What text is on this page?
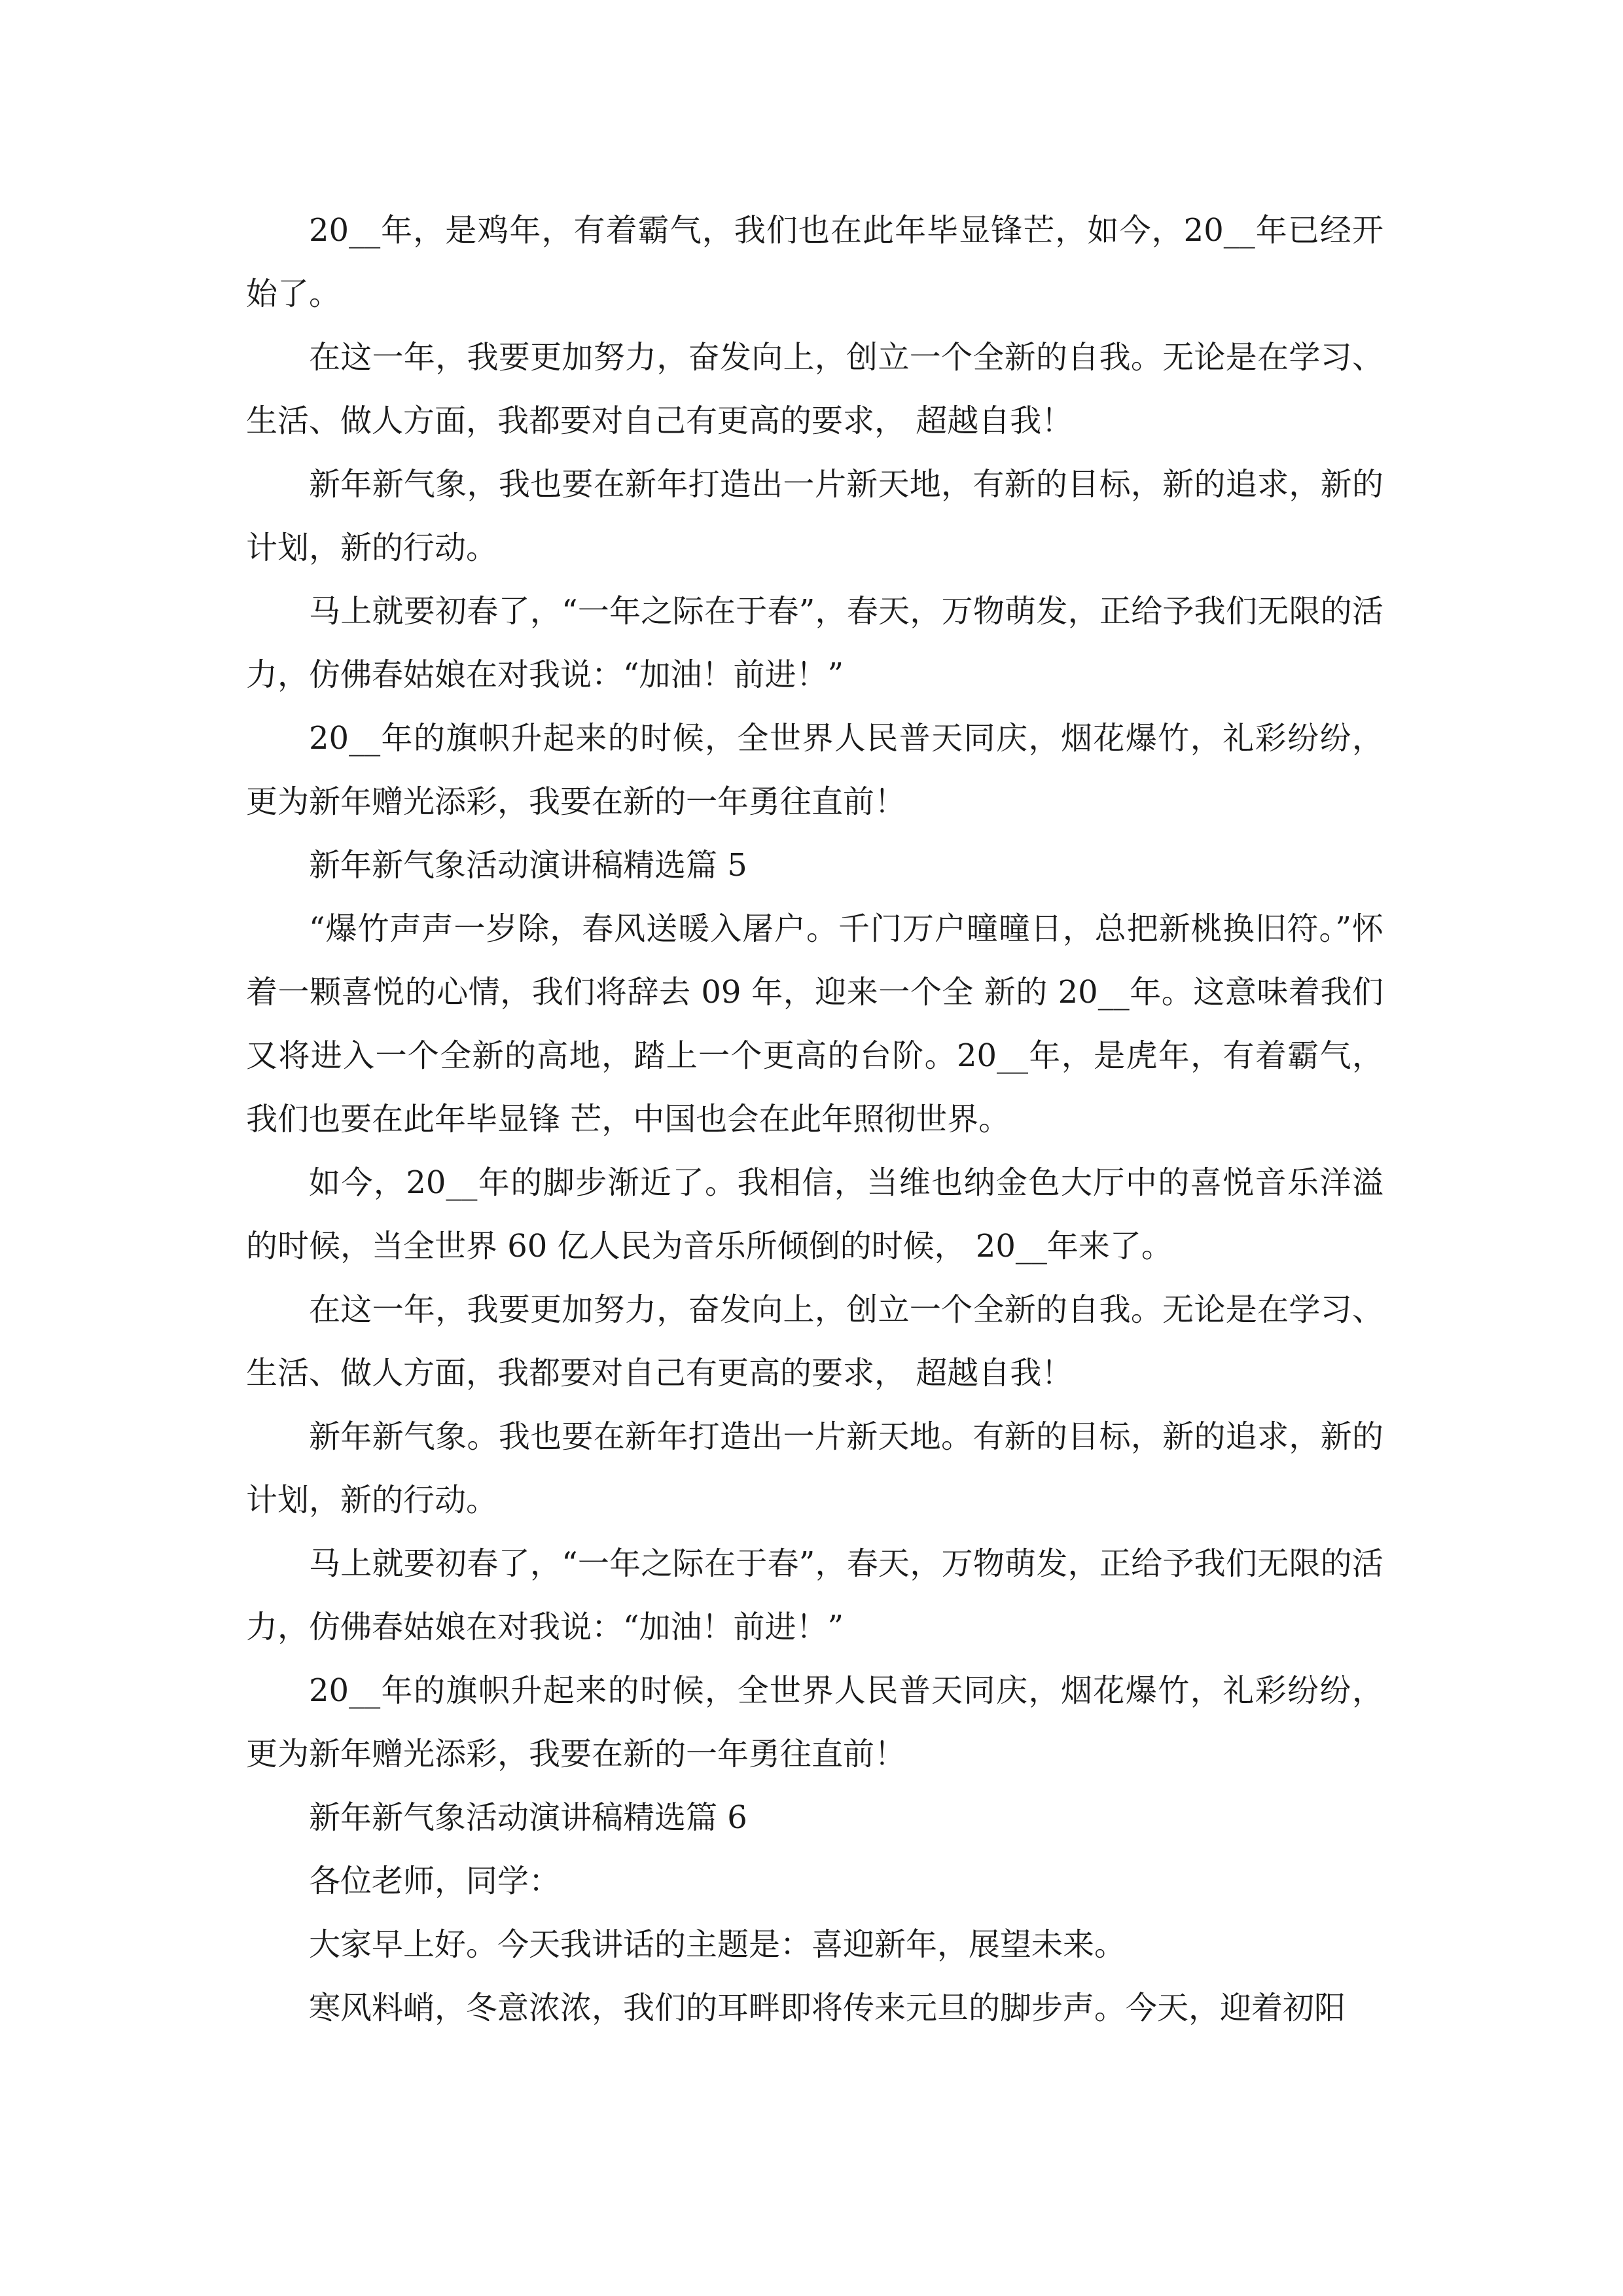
20__年，是鸡年，有着霸气，我们也在此年毕显锋芒，如今，20__年已经开始了。

在这一年，我要更加努力，奋发向上，创立一个全新的自我。无论是在学习、生活、做人方面，我都要对自己有更高的要求， 超越自我！

新年新气象，我也要在新年打造出一片新天地，有新的目标，新的追求，新的计划，新的行动。

马上就要初春了，“一年之际在于春”，春天，万物萌发，正给予我们无限的活力，仿佛春姑娘在对我说：“加油！前进！”

20__年的旗帜升起来的时候，全世界人民普天同庆，烟花爆竹，礼彩纷纷，更为新年赠光添彩，我要在新的一年勇往直前！

新年新气象活动演讲稿精选篇 5

“爆竹声声一岁除，春风送暖入屠户。千门万户曈曈日，总把新桃换旧符。”怀着一颗喜悦的心情，我们将辞去 09 年，迎来一个全 新的 20__年。这意味着我们又将进入一个全新的高地，踏上一个更高的台阶。20__年，是虎年，有着霸气，我们也要在此年毕显锋 芒，中国也会在此年照彻世界。

如今，20__年的脚步渐近了。我相信，当维也纳金色大厅中的喜悦音乐洋溢的时候，当全世界 60 亿人民为音乐所倾倒的时候， 20__年来了。

在这一年，我要更加努力，奋发向上，创立一个全新的自我。无论是在学习、生活、做人方面，我都要对自己有更高的要求， 超越自我！

新年新气象。我也要在新年打造出一片新天地。有新的目标，新的追求，新的计划，新的行动。

马上就要初春了，“一年之际在于春”，春天，万物萌发，正给予我们无限的活力，仿佛春姑娘在对我说：“加油！前进！”

20__年的旗帜升起来的时候，全世界人民普天同庆，烟花爆竹，礼彩纷纷，更为新年赠光添彩，我要在新的一年勇往直前！

新年新气象活动演讲稿精选篇 6

各位老师，同学：

大家早上好。今天我讲话的主题是：喜迎新年，展望未来。

寒风料峭，冬意浓浓，我们的耳畔即将传来元旦的脚步声。今天，迎着初阳
